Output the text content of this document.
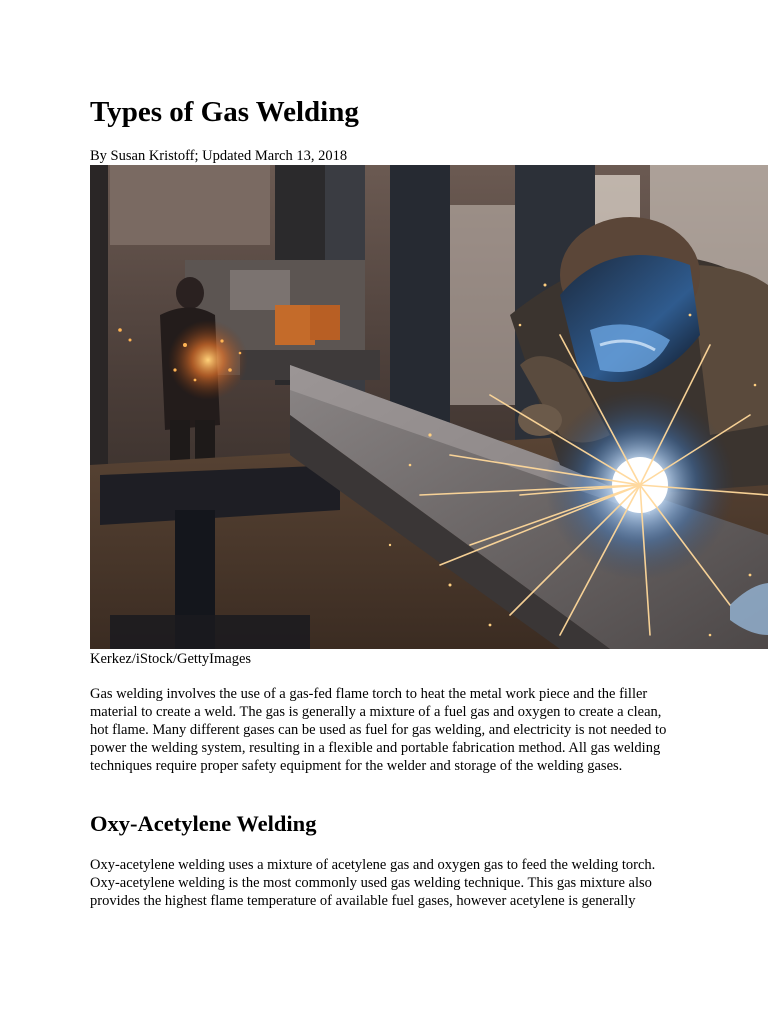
Types of Gas Welding

By Susan Kristoff; Updated March 13, 2018

Kerkez/iStock/GettyImages

Gas welding involves the use of a gas-fed flame torch to heat the metal work piece and the filler material to create a weld. The gas is generally a mixture of a fuel gas and oxygen to create a clean, hot flame. Many different gases can be used as fuel for gas welding, and electricity is not needed to power the welding system, resulting in a flexible and portable fabrication method. All gas welding techniques require proper safety equipment for the welder and storage of the welding gases.

Oxy-Acetylene Welding

Oxy-acetylene welding uses a mixture of acetylene gas and oxygen gas to feed the welding torch. Oxy-acetylene welding is the most commonly used gas welding technique. This gas mixture also provides the highest flame temperature of available fuel gases, however acetylene is generally
